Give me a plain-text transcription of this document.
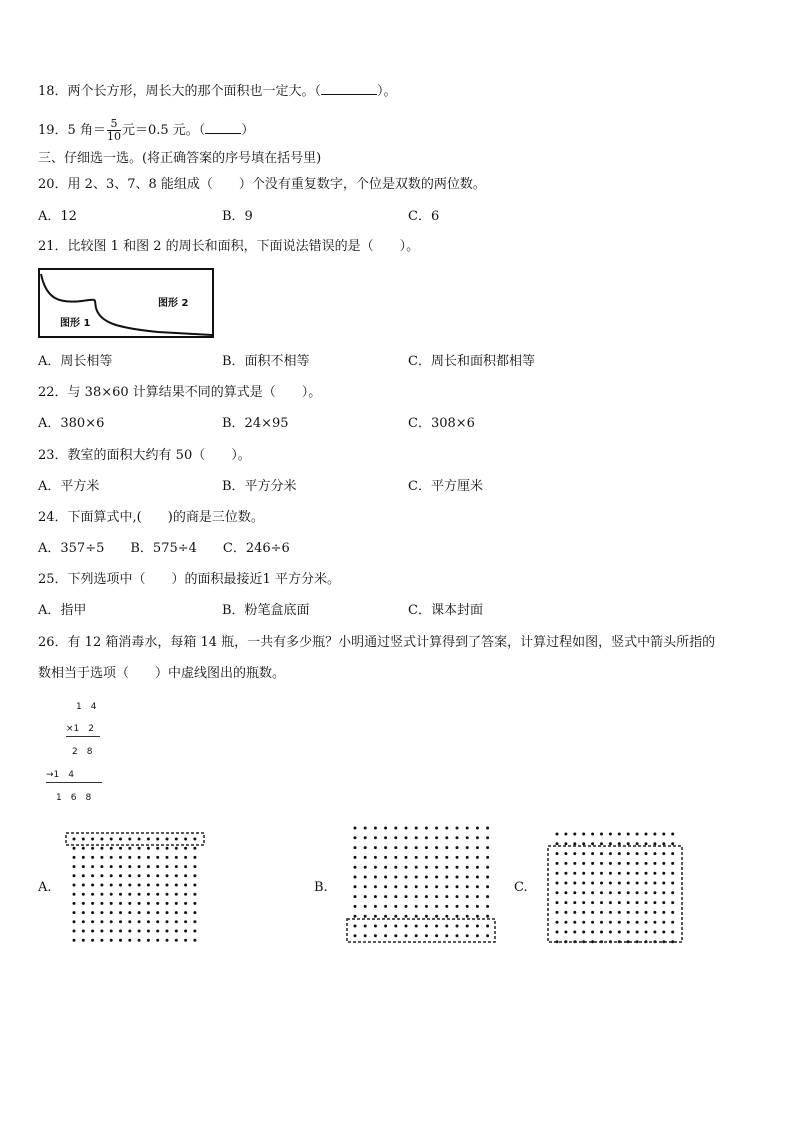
18．两个长方形，周长大的那个面积也一定大。（	）。
19．5 角＝ $\frac{5}{10}$ 元＝0.5 元。（	）
三、仔细选一选。(将正确答案的序号填在括号里)
20．用 2、3、7、8 能组成（　　）个没有重复数字，个位是双数的两位数。
A．12	B．9	C．6
21．比较图 1 和图 2 的周长和面积，下面说法错误的是（　　）。
图形 1
图形 2
A．周长相等	B．面积不相等	C．周长和面积都相等
22．与 38×60 计算结果不同的算式是（　　）。
A．380×6	B．24×95	C．308×6
23．教室的面积大约有 50（　　）。
A．平方米	B．平方分米	C．平方厘米
24．下面算式中,(　　)的商是三位数。
A．357÷5　　B．575÷4　　C．246÷6
25．下列选项中（　　）的面积最接近1 平方分米。
A．指甲	B．粉笔盒底面	C．课本封面
26．有 12 箱消毒水，每箱 14 瓶，一共有多少瓶？小明通过竖式计算得到了答案，计算过程如图，竖式中箭头所指的
数相当于选项（　　）中虚线图出的瓶数。
1　4
×1　2
2　8
→1　4
1　6　8
A.	B.	C.
